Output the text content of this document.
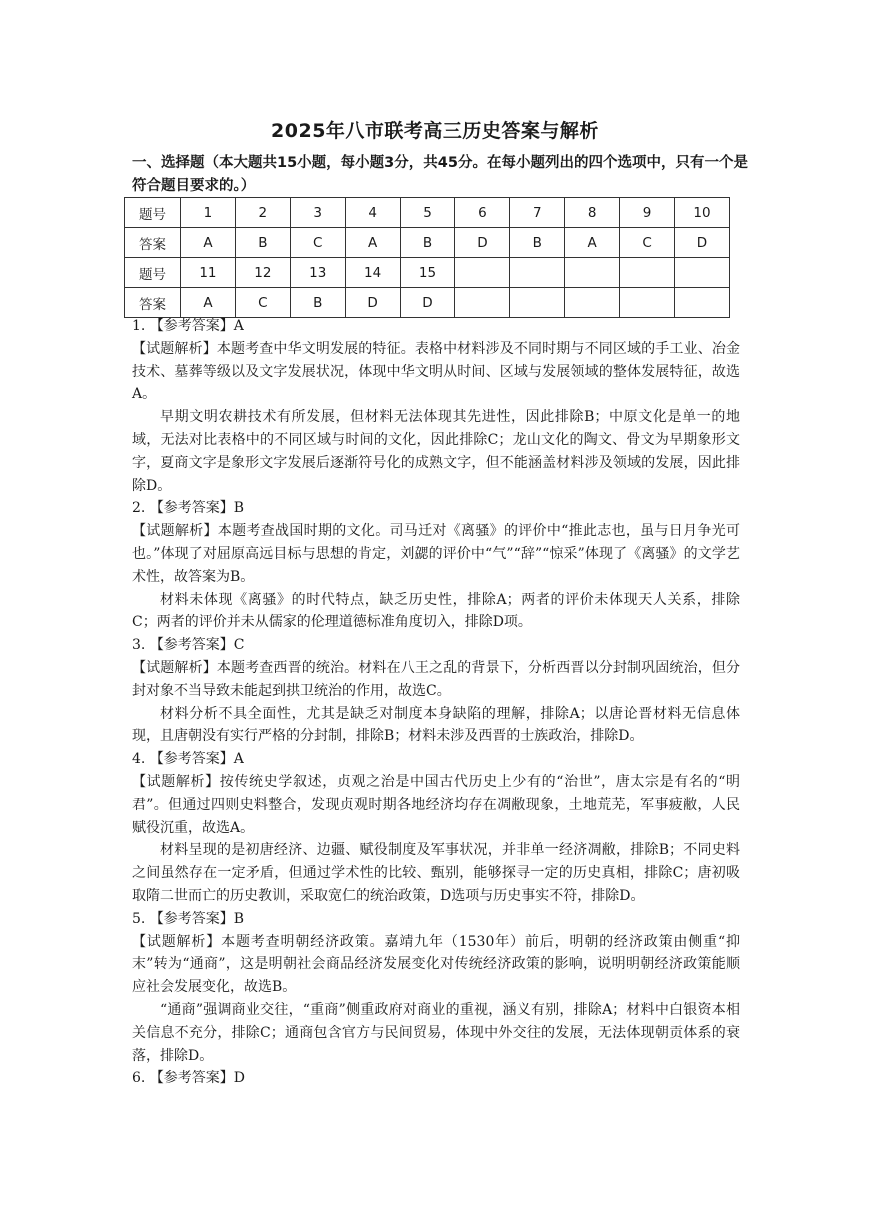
2025年八市联考高三历史答案与解析
一、选择题（本大题共15小题，每小题3分，共45分。在每小题列出的四个选项中，只有一个是符合题目要求的。）
题号	1	2	3	4	5	6	7	8	9	10
答案	A	B	C	A	B	D	B	A	C	D
题号	11	12	13	14	15					
答案	A	C	B	D	D					

1. 【参考答案】A

【试题解析】本题考查中华文明发展的特征。表格中材料涉及不同时期与不同区域的手工业、冶金技术、墓葬等级以及文字发展状况，体现中华文明从时间、区域与发展领域的整体发展特征，故选A。

早期文明农耕技术有所发展，但材料无法体现其先进性，因此排除B；中原文化是单一的地域，无法对比表格中的不同区域与时间的文化，因此排除C；龙山文化的陶文、骨文为早期象形文字，夏商文字是象形文字发展后逐渐符号化的成熟文字，但不能涵盖材料涉及领域的发展，因此排除D。

2. 【参考答案】B

【试题解析】本题考查战国时期的文化。司马迁对《离骚》的评价中“推此志也，虽与日月争光可也。”体现了对屈原高远目标与思想的肯定，刘勰的评价中“气”“辞”“惊采”体现了《离骚》的文学艺术性，故答案为B。

材料未体现《离骚》的时代特点，缺乏历史性，排除A；两者的评价未体现天人关系，排除C；两者的评价并未从儒家的伦理道德标准角度切入，排除D项。

3. 【参考答案】C

【试题解析】本题考查西晋的统治。材料在八王之乱的背景下，分析西晋以分封制巩固统治，但分封对象不当导致未能起到拱卫统治的作用，故选C。

材料分析不具全面性，尤其是缺乏对制度本身缺陷的理解，排除A；以唐论晋材料无信息体现，且唐朝没有实行严格的分封制，排除B；材料未涉及西晋的士族政治，排除D。

4. 【参考答案】A

【试题解析】按传统史学叙述，贞观之治是中国古代历史上少有的“治世”，唐太宗是有名的“明君”。但通过四则史料整合，发现贞观时期各地经济均存在凋敝现象，土地荒芜，军事疲敝，人民赋役沉重，故选A。

材料呈现的是初唐经济、边疆、赋役制度及军事状况，并非单一经济凋敝，排除B；不同史料之间虽然存在一定矛盾，但通过学术性的比较、甄别，能够探寻一定的历史真相，排除C；唐初吸取隋二世而亡的历史教训，采取宽仁的统治政策，D选项与历史事实不符，排除D。

5. 【参考答案】B

【试题解析】本题考查明朝经济政策。嘉靖九年（1530年）前后，明朝的经济政策由侧重“抑末”转为“通商”，这是明朝社会商品经济发展变化对传统经济政策的影响，说明明朝经济政策能顺应社会发展变化，故选B。

“通商”强调商业交往，“重商”侧重政府对商业的重视，涵义有别，排除A；材料中白银资本相关信息不充分，排除C；通商包含官方与民间贸易，体现中外交往的发展，无法体现朝贡体系的衰落，排除D。

6. 【参考答案】D
